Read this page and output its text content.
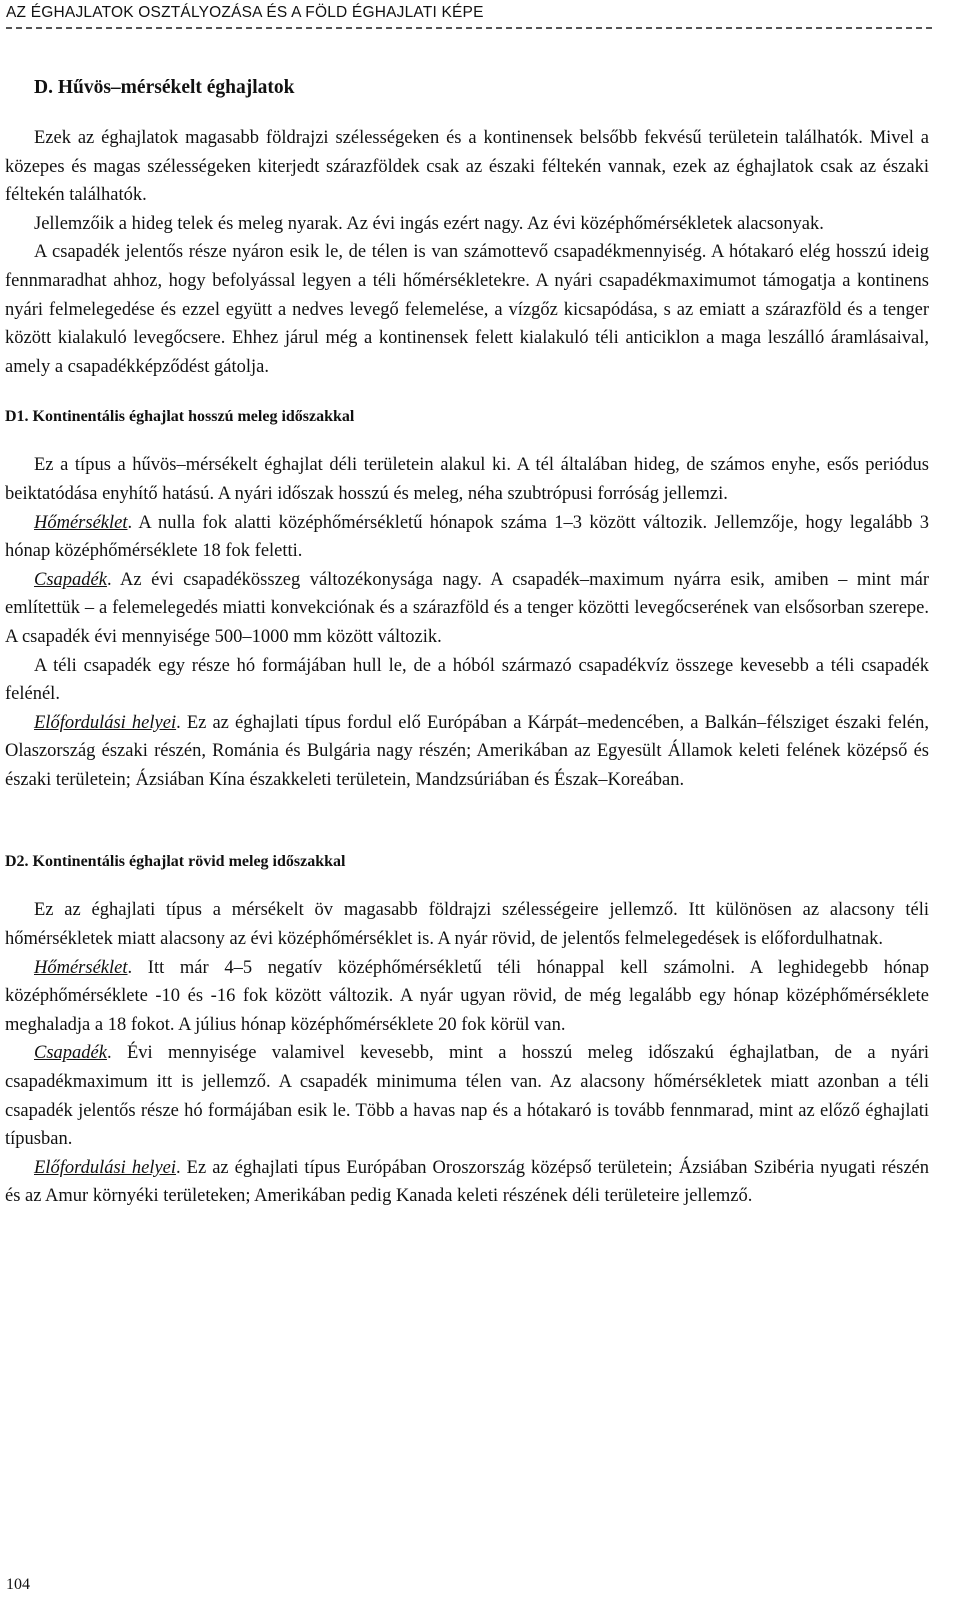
AZ ÉGHAJLATOK OSZTÁLYOZÁSA ÉS A FÖLD ÉGHAJLATI KÉPE
D. Hűvös–mérsékelt éghajlatok

Ezek az éghajlatok magasabb földrajzi szélességeken és a kontinensek belsőbb fekvésű területein találhatók. Mivel a közepes és magas szélességeken kiterjedt szárazföldek csak az északi féltekén vannak, ezek az éghajlatok csak az északi féltekén találhatók.

Jellemzőik a hideg telek és meleg nyarak. Az évi ingás ezért nagy. Az évi középhőmérsékletek alacsonyak.

A csapadék jelentős része nyáron esik le, de télen is van számottevő csapadékmennyiség. A hótakaró elég hosszú ideig fennmaradhat ahhoz, hogy befolyással legyen a téli hőmérsékletekre. A nyári csapadékmaximumot támogatja a kontinens nyári felmelegedése és ezzel együtt a nedves levegő felemelése, a vízgőz kicsapódása, s az emiatt a szárazföld és a tenger között kialakuló levegőcsere. Ehhez járul még a kontinensek felett kialakuló téli anticiklon a maga leszálló áramlásaival, amely a csapadékképződést gátolja.

D1. Kontinentális éghajlat hosszú meleg időszakkal

Ez a típus a hűvös–mérsékelt éghajlat déli területein alakul ki. A tél általában hideg, de számos enyhe, esős periódus beiktatódása enyhítő hatású. A nyári időszak hosszú és meleg, néha szubtrópusi forróság jellemzi.

Hőmérséklet. A nulla fok alatti középhőmérsékletű hónapok száma 1–3 között változik. Jellemzője, hogy legalább 3 hónap középhőmérséklete 18 fok feletti.

Csapadék. Az évi csapadékösszeg változékonysága nagy. A csapadék–maximum nyárra esik, amiben – mint már említettük – a felemelegedés miatti konvekciónak és a szárazföld és a tenger közötti levegőcserének van elsősorban szerepe. A csapadék évi mennyisége 500–1000 mm között változik.

A téli csapadék egy része hó formájában hull le, de a hóból származó csapadékvíz összege kevesebb a téli csapadék felénél.

Előfordulási helyei. Ez az éghajlati típus fordul elő Európában a Kárpát–medencében, a Balkán–félsziget északi felén, Olaszország északi részén, Románia és Bulgária nagy részén; Amerikában az Egyesült Államok keleti felének középső és északi területein; Ázsiában Kína északkeleti területein, Mandzsúriában és Észak–Koreában.

D2. Kontinentális éghajlat rövid meleg időszakkal

Ez az éghajlati típus a mérsékelt öv magasabb földrajzi szélességeire jellemző. Itt különösen az alacsony téli hőmérsékletek miatt alacsony az évi középhőmérséklet is. A nyár rövid, de jelentős felmelegedések is előfordulhatnak.

Hőmérséklet. Itt már 4–5 negatív középhőmérsékletű téli hónappal kell számolni. A leghidegebb hónap középhőmérséklete -10 és -16 fok között változik. A nyár ugyan rövid, de még legalább egy hónap középhőmérséklete meghaladja a 18 fokot. A július hónap középhőmérséklete 20 fok körül van.

Csapadék. Évi mennyisége valamivel kevesebb, mint a hosszú meleg időszakú éghajlatban, de a nyári csapadékmaximum itt is jellemző. A csapadék minimuma télen van. Az alacsony hőmérsékletek miatt azonban a téli csapadék jelentős része hó formájában esik le. Több a havas nap és a hótakaró is tovább fennmarad, mint az előző éghajlati típusban.

Előfordulási helyei. Ez az éghajlati típus Európában Oroszország középső területein; Ázsiában Szibéria nyugati részén és az Amur környéki területeken; Amerikában pedig Kanada keleti részének déli területeire jellemző.

104
